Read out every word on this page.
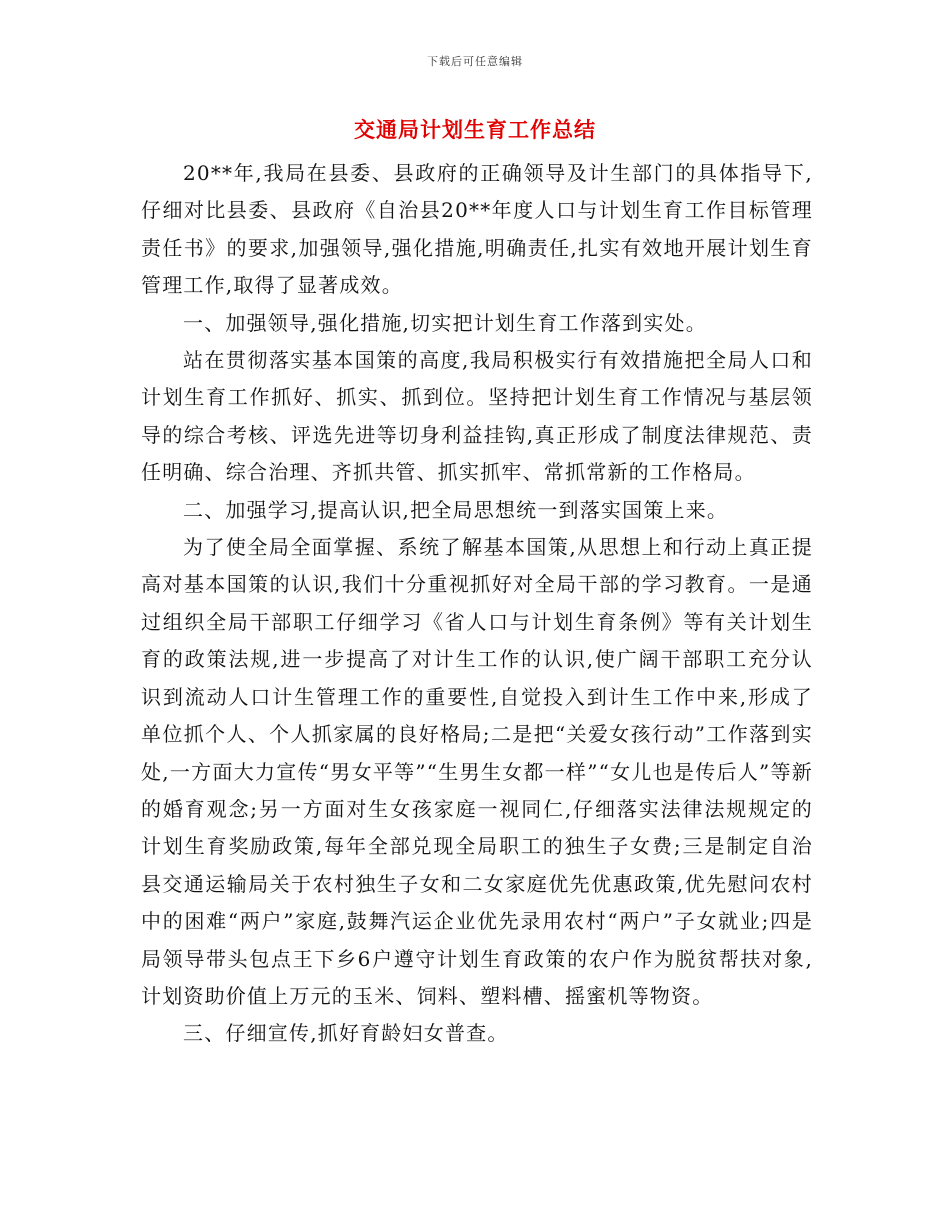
下载后可任意编辑
交通局计划生育工作总结

20**年,我局在县委、县政府的正确领导及计生部门的具体指导下,仔细对比县委、县政府《自治县20**年度人口与计划生育工作目标管理责任书》的要求,加强领导,强化措施,明确责任,扎实有效地开展计划生育管理工作,取得了显著成效。

一、加强领导,强化措施,切实把计划生育工作落到实处。

站在贯彻落实基本国策的高度,我局积极实行有效措施把全局人口和计划生育工作抓好、抓实、抓到位。坚持把计划生育工作情况与基层领导的综合考核、评选先进等切身利益挂钩,真正形成了制度法律规范、责任明确、综合治理、齐抓共管、抓实抓牢、常抓常新的工作格局。

二、加强学习,提高认识,把全局思想统一到落实国策上来。

为了使全局全面掌握、系统了解基本国策,从思想上和行动上真正提高对基本国策的认识,我们十分重视抓好对全局干部的学习教育。一是通过组织全局干部职工仔细学习《省人口与计划生育条例》等有关计划生育的政策法规,进一步提高了对计生工作的认识,使广阔干部职工充分认识到流动人口计生管理工作的重要性,自觉投入到计生工作中来,形成了单位抓个人、个人抓家属的良好格局;二是把“关爱女孩行动”工作落到实处,一方面大力宣传“男女平等”“生男生女都一样”“女儿也是传后人”等新的婚育观念;另一方面对生女孩家庭一视同仁,仔细落实法律法规规定的计划生育奖励政策,每年全部兑现全局职工的独生子女费;三是制定自治县交通运输局关于农村独生子女和二女家庭优先优惠政策,优先慰问农村中的困难“两户”家庭,鼓舞汽运企业优先录用农村“两户”子女就业;四是局领导带头包点王下乡6户遵守计划生育政策的农户作为脱贫帮扶对象,计划资助价值上万元的玉米、饲料、塑料槽、摇蜜机等物资。

三、仔细宣传,抓好育龄妇女普查。
